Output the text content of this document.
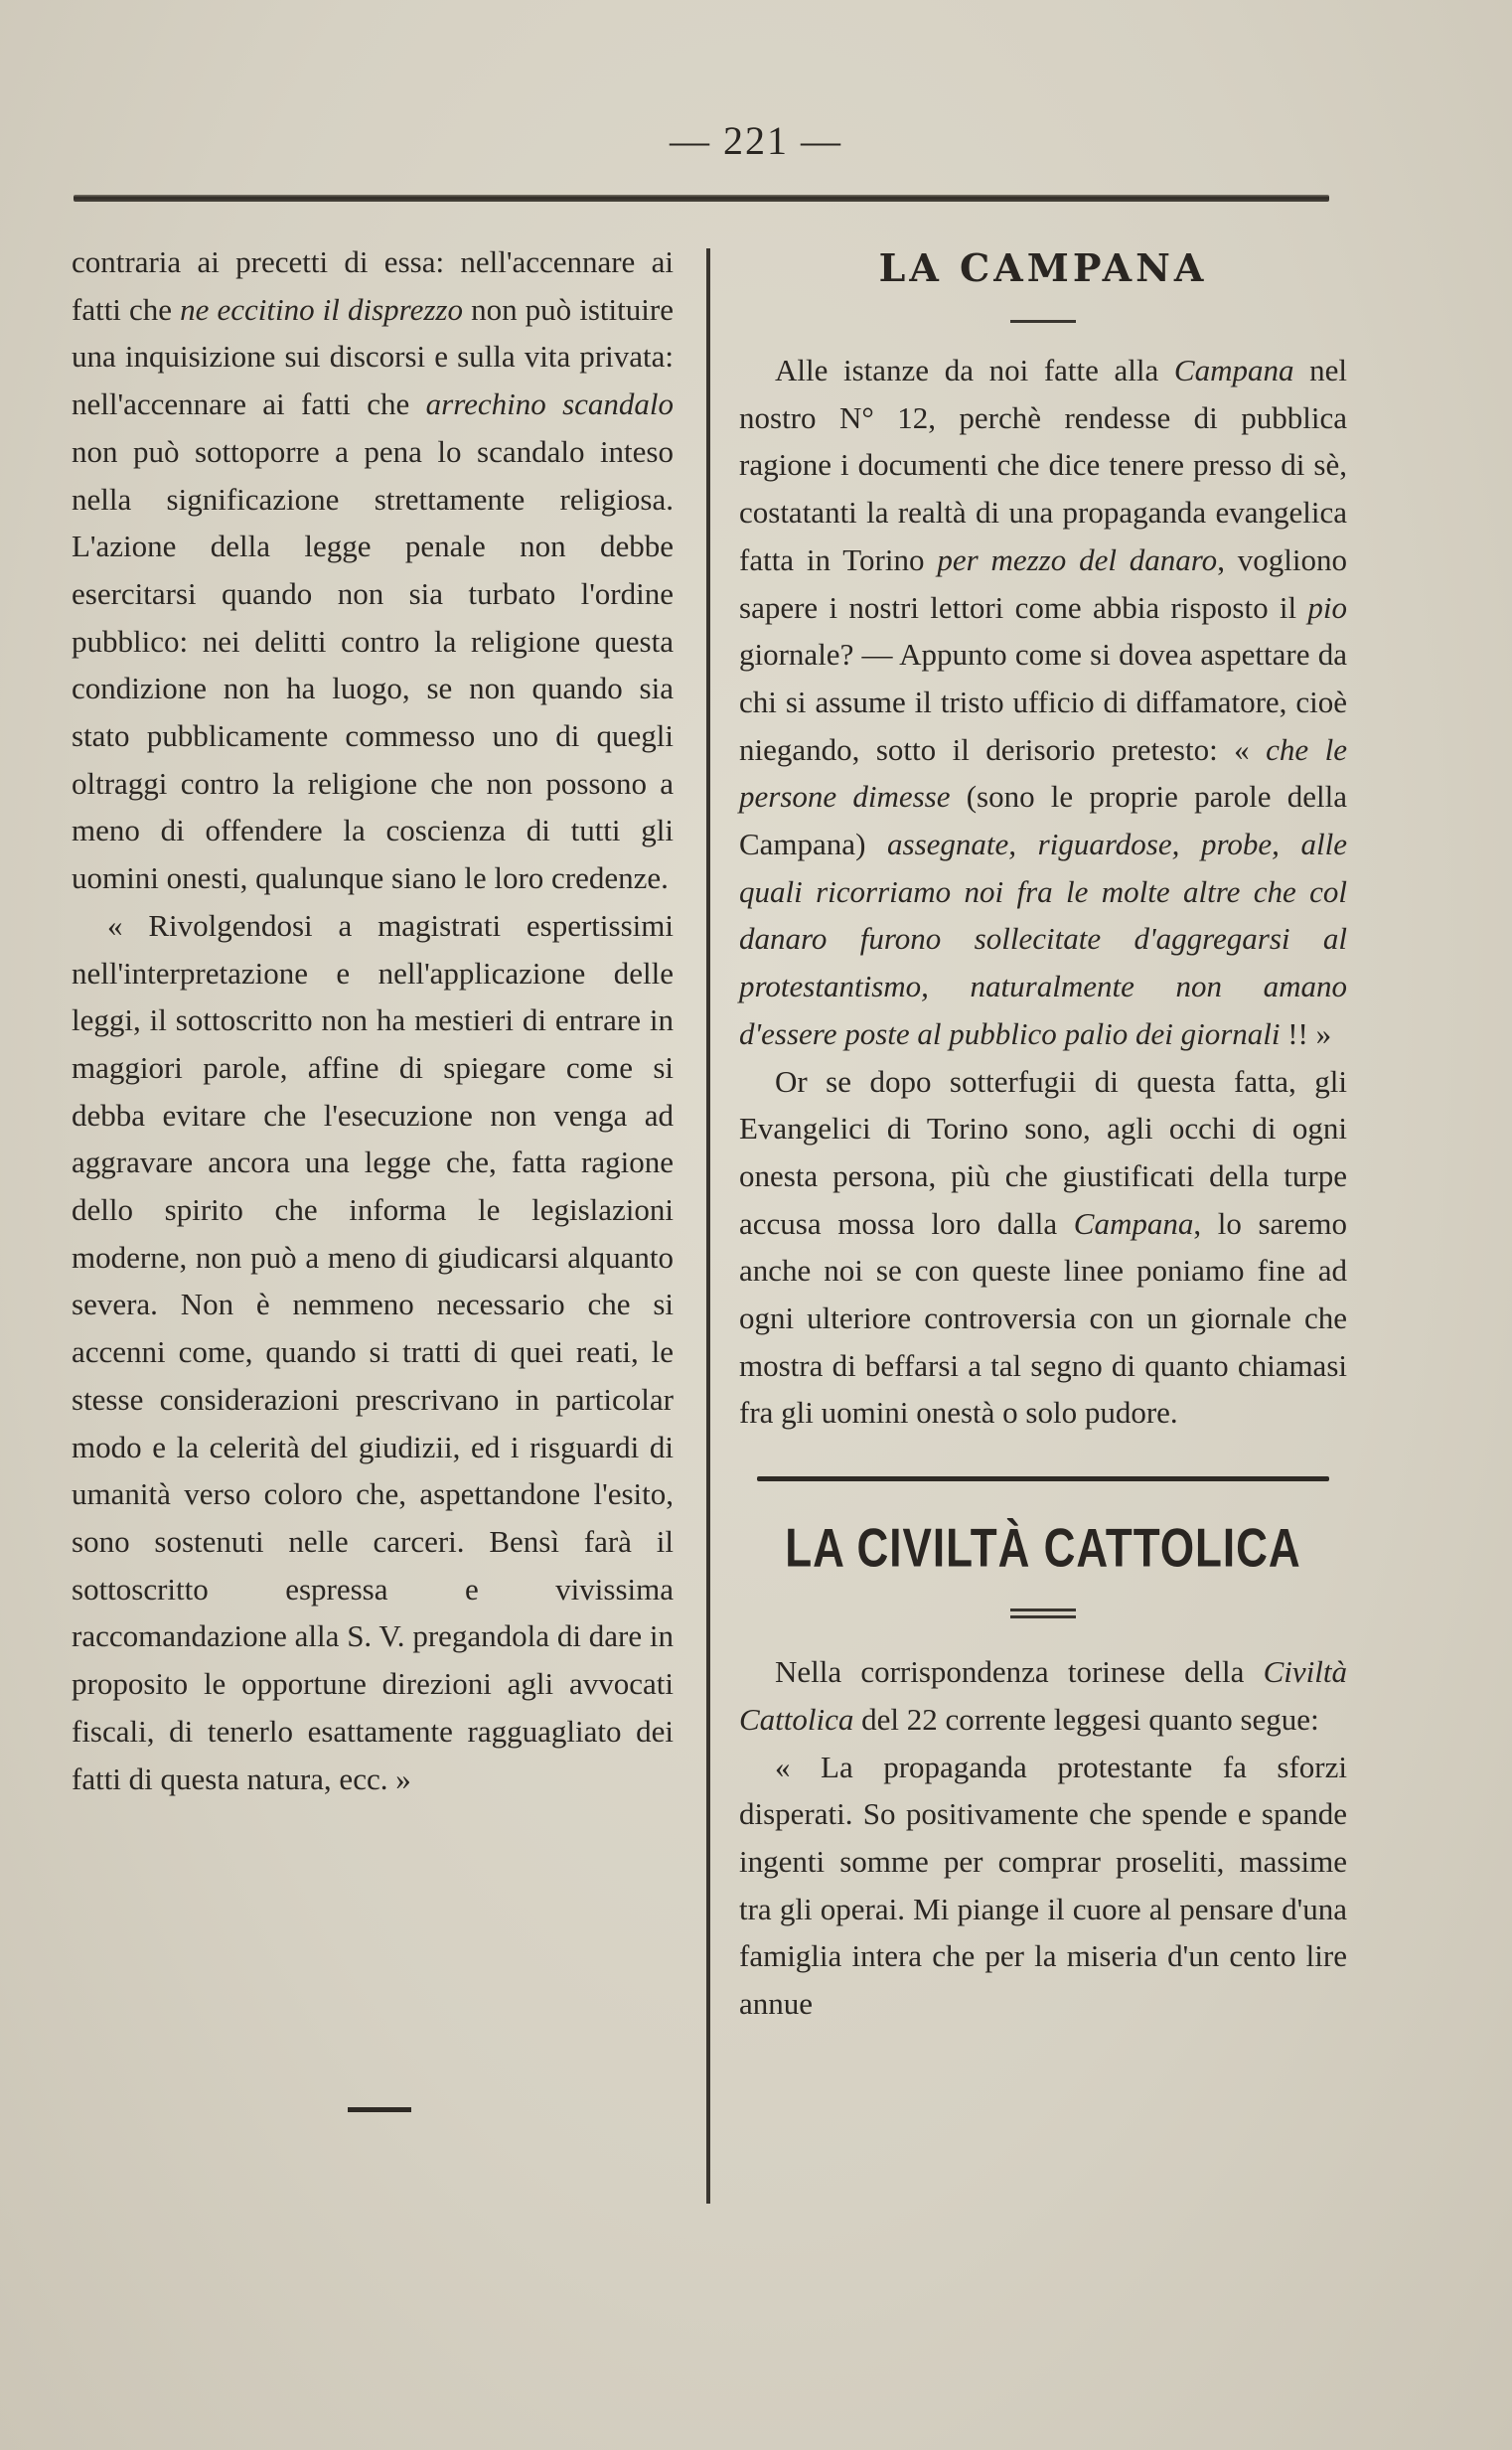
— 221 —

contraria ai precetti di essa: nell'accennare ai fatti che ne eccitino il disprezzo non può istituire una inquisizione sui discorsi e sulla vita privata: nell'accennare ai fatti che arrechino scandalo non può sottoporre a pena lo scandalo inteso nella significazione strettamente religiosa. L'azione della legge penale non debbe esercitarsi quando non sia turbato l'ordine pubblico: nei delitti contro la religione questa condizione non ha luogo, se non quando sia stato pubblicamente commesso uno di quegli oltraggi contro la religione che non possono a meno di offendere la coscienza di tutti gli uomini onesti, qualunque siano le loro credenze.

« Rivolgendosi a magistrati espertissimi nell'interpretazione e nell'applicazione delle leggi, il sottoscritto non ha mestieri di entrare in maggiori parole, affine di spiegare come si debba evitare che l'esecuzione non venga ad aggravare ancora una legge che, fatta ragione dello spirito che informa le legislazioni moderne, non può a meno di giudicarsi alquanto severa. Non è nemmeno necessario che si accenni come, quando si tratti di quei reati, le stesse considerazioni prescrivano in particolar modo e la celerità del giudizii, ed i risguardi di umanità verso coloro che, aspettandone l'esito, sono sostenuti nelle carceri. Bensì farà il sottoscritto espressa e vivissima raccomandazione alla S. V. pregandola di dare in proposito le opportune direzioni agli avvocati fiscali, di tenerlo esattamente ragguagliato dei fatti di questa natura, ecc. »

LA CAMPANA

Alle istanze da noi fatte alla Campana nel nostro N° 12, perchè rendesse di pubblica ragione i documenti che dice tenere presso di sè, costatanti la realtà di una propaganda evangelica fatta in Torino per mezzo del danaro, vogliono sapere i nostri lettori come abbia risposto il pio giornale? — Appunto come si dovea aspettare da chi si assume il tristo ufficio di diffamatore, cioè niegando, sotto il derisorio pretesto: « che le persone dimesse (sono le proprie parole della Campana) assegnate, riguardose, probe, alle quali ricorriamo noi fra le molte altre che col danaro furono sollecitate d'aggregarsi al protestantismo, naturalmente non amano d'essere poste al pubblico palio dei giornali !! »

Or se dopo sotterfugii di questa fatta, gli Evangelici di Torino sono, agli occhi di ogni onesta persona, più che giustificati della turpe accusa mossa loro dalla Campana, lo saremo anche noi se con queste linee poniamo fine ad ogni ulteriore controversia con un giornale che mostra di beffarsi a tal segno di quanto chiamasi fra gli uomini onestà o solo pudore.

LA CIVILTÀ CATTOLICA

Nella corrispondenza torinese della Civiltà Cattolica del 22 corrente leggesi quanto segue:

« La propaganda protestante fa sforzi disperati. So positivamente che spende e spande ingenti somme per comprar proseliti, massime tra gli operai. Mi piange il cuore al pensare d'una famiglia intera che per la miseria d'un cento lire annue
